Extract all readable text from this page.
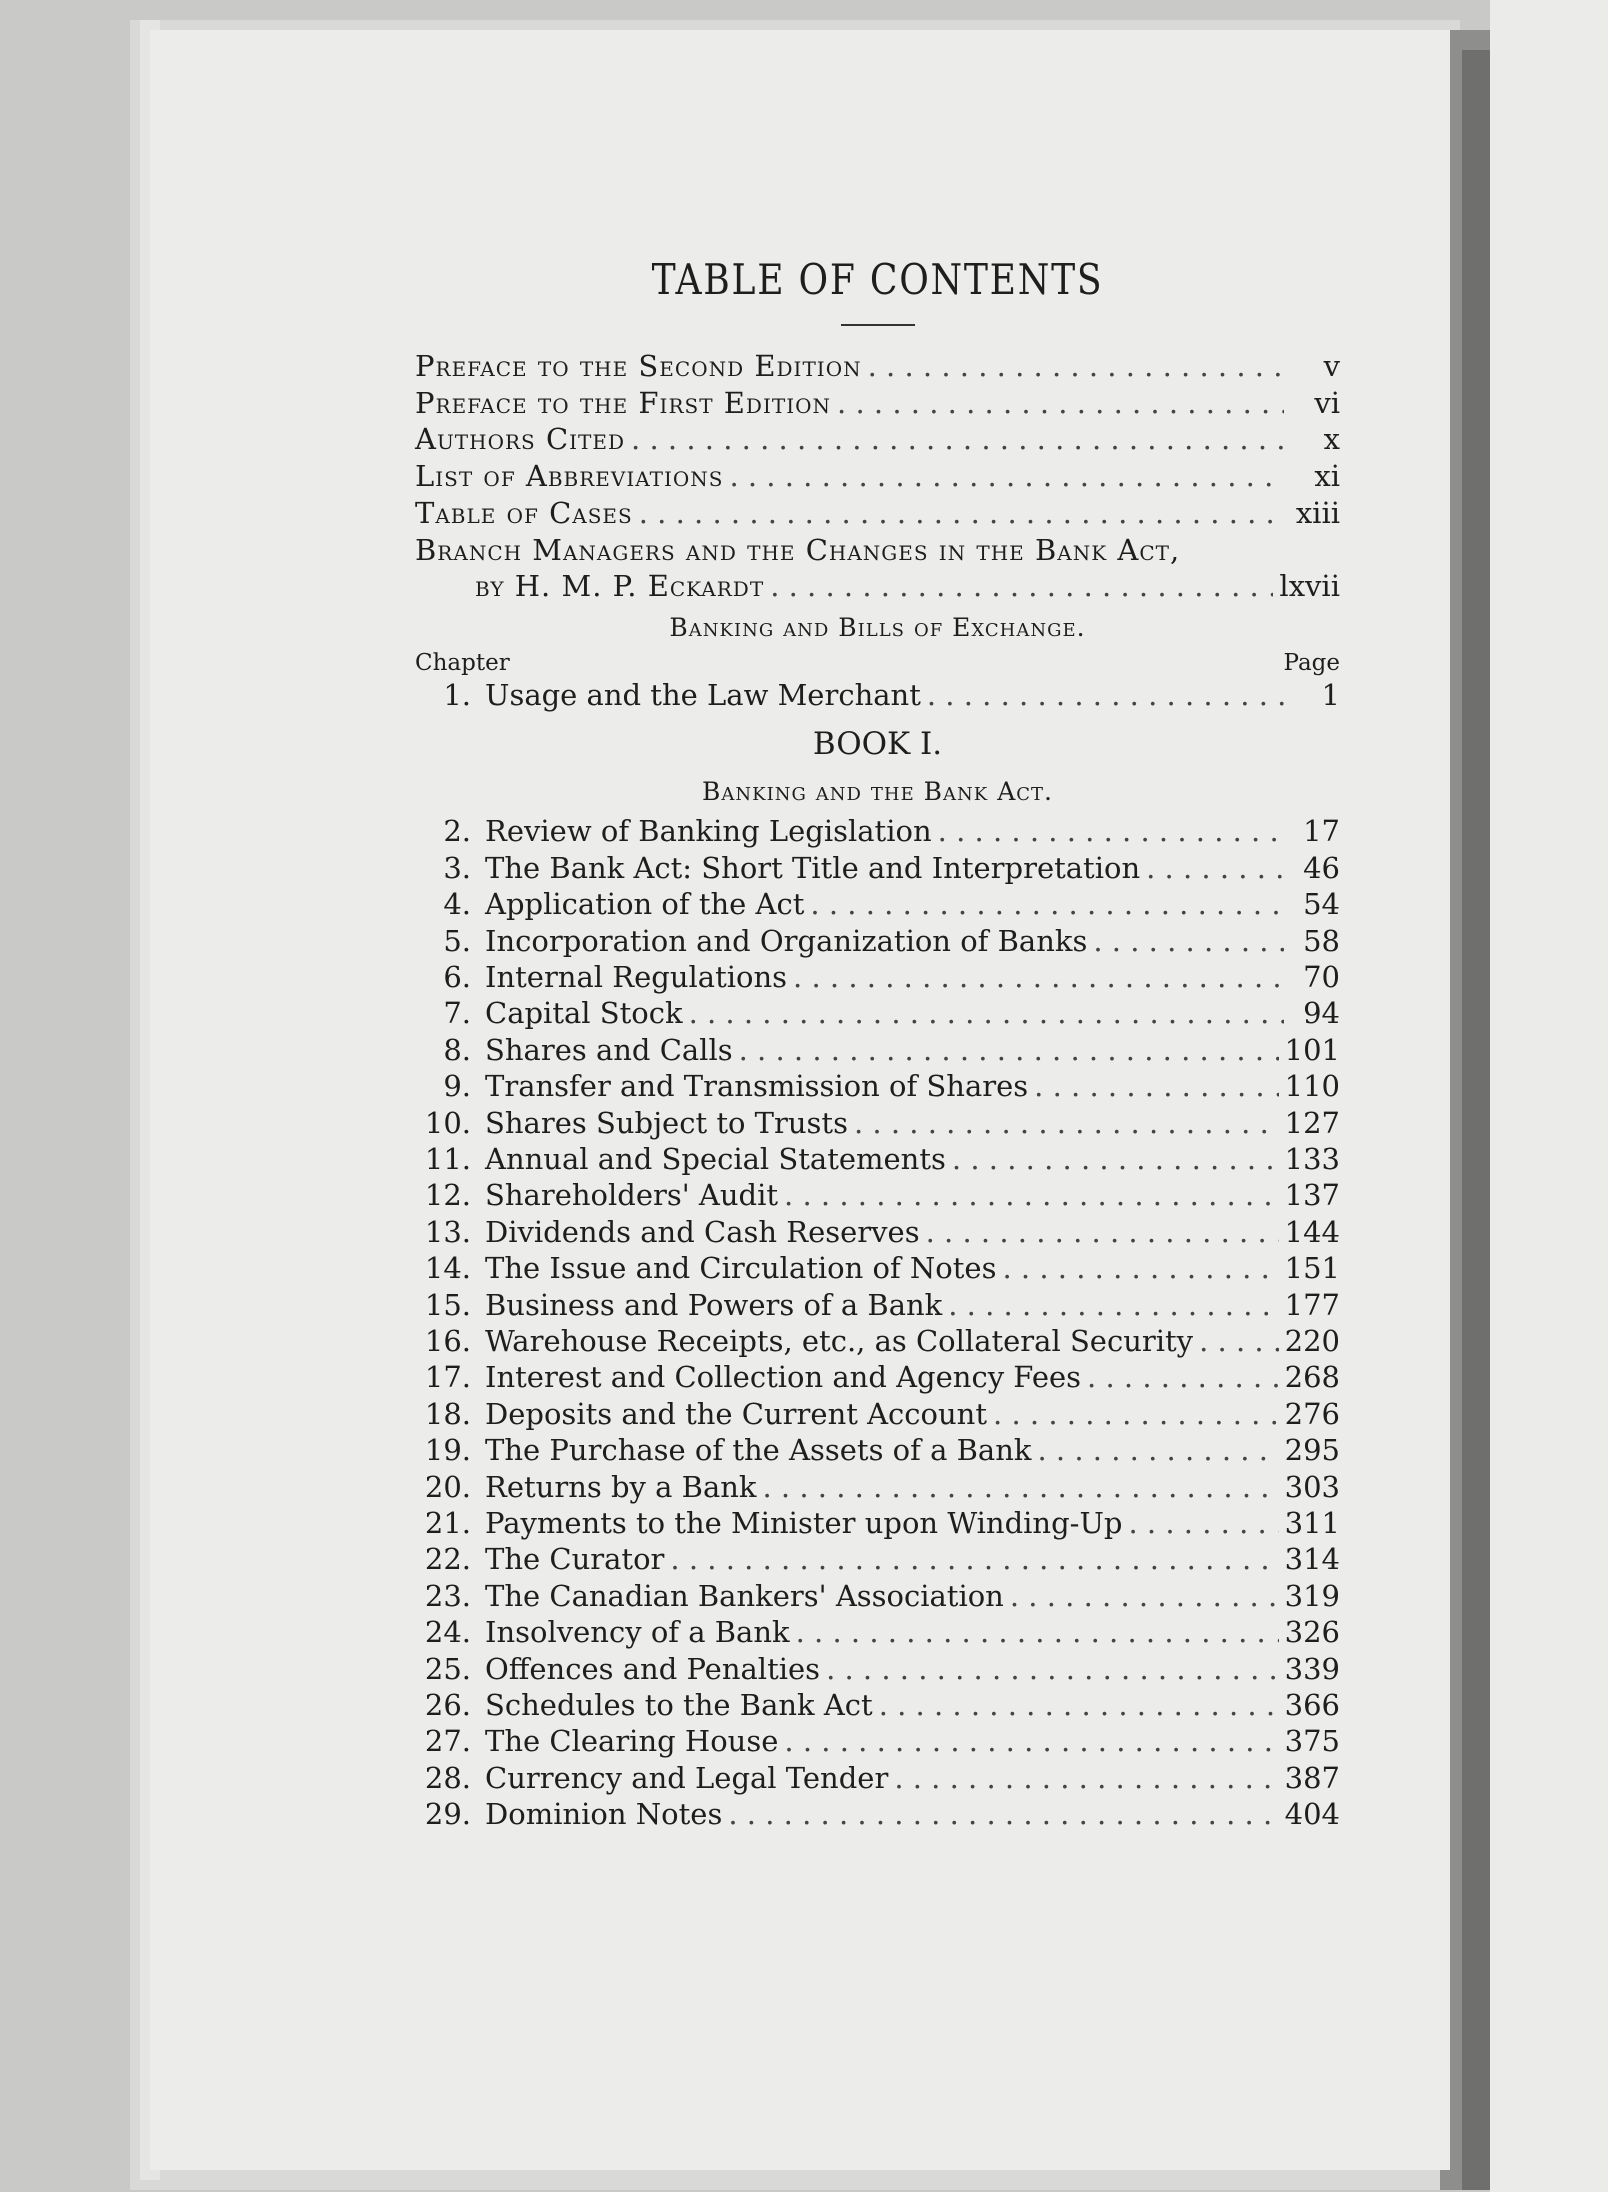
TABLE OF CONTENTS
Preface to the Second Edition . . .	v
Preface to the First Edition . . .	vi
Authors Cited . . .	x
List of Abbreviations . . .	xi
Table of Cases . . .	xiii
Branch Managers and the Changes in the Bank Act,
by H. M. P. Eckardt . . .	lxvii
Banking and Bills of Exchange.
Chapter	Page
1. Usage and the Law Merchant . . .	1
BOOK I.
Banking and the Bank Act.
2. Review of Banking Legislation . . .	17
3. The Bank Act: Short Title and Interpretation . . .	46
4. Application of the Act . . .	54
5. Incorporation and Organization of Banks . . .	58
6. Internal Regulations . . .	70
7. Capital Stock . . .	94
8. Shares and Calls . . .	101
9. Transfer and Transmission of Shares . . .	110
10. Shares Subject to Trusts . . .	127
11. Annual and Special Statements . . .	133
12. Shareholders' Audit . . .	137
13. Dividends and Cash Reserves . . .	144
14. The Issue and Circulation of Notes . . .	151
15. Business and Powers of a Bank . . .	177
16. Warehouse Receipts, etc., as Collateral Security . . .	220
17. Interest and Collection and Agency Fees . . .	268
18. Deposits and the Current Account . . .	276
19. The Purchase of the Assets of a Bank . . .	295
20. Returns by a Bank . . .	303
21. Payments to the Minister upon Winding-Up . . .	311
22. The Curator . . .	314
23. The Canadian Bankers' Association . . .	319
24. Insolvency of a Bank . . .	326
25. Offences and Penalties . . .	339
26. Schedules to the Bank Act . . .	366
27. The Clearing House . . .	375
28. Currency and Legal Tender . . .	387
29. Dominion Notes . . .	404
